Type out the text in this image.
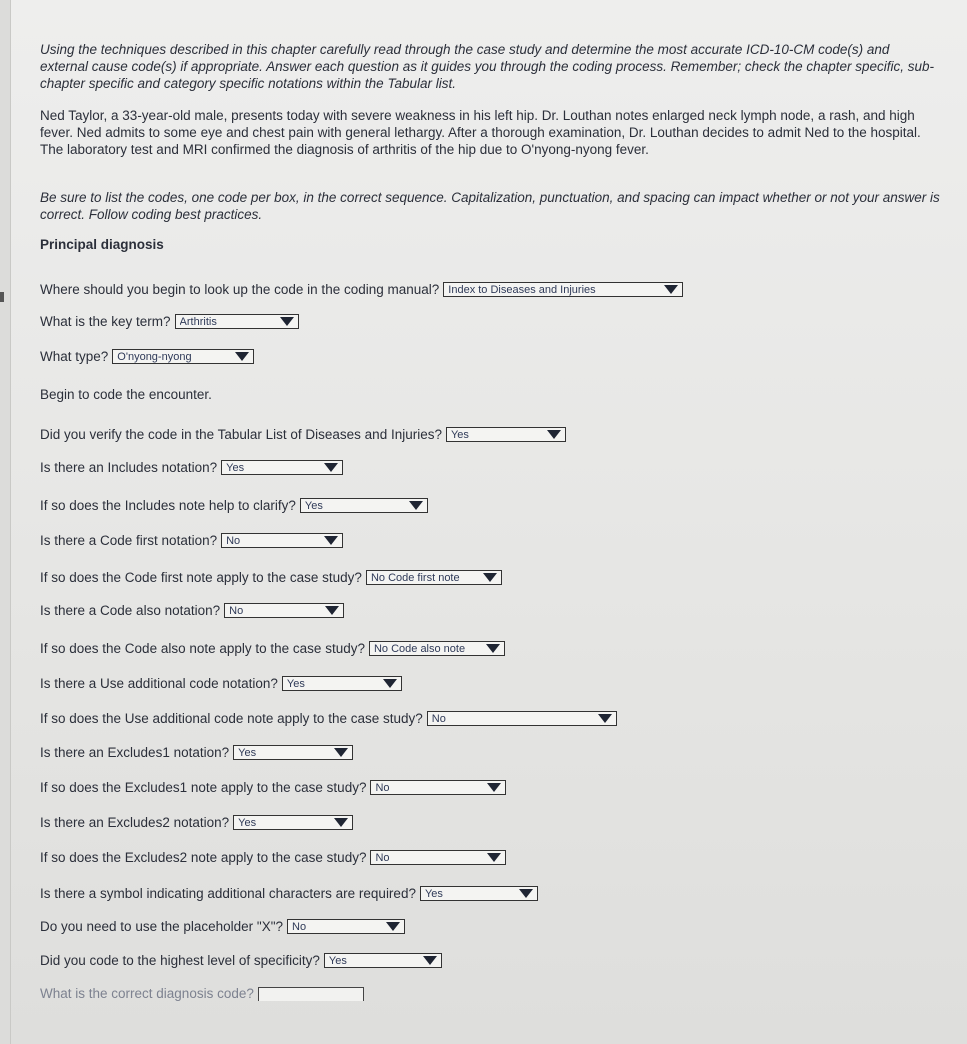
Using the techniques described in this chapter carefully read through the case study and determine the most accurate ICD-10-CM code(s) and external cause code(s) if appropriate. Answer each question as it guides you through the coding process. Remember; check the chapter specific, sub-chapter specific and category specific notations within the Tabular list.

Ned Taylor, a 33-year-old male, presents today with severe weakness in his left hip. Dr. Louthan notes enlarged neck lymph node, a rash, and high fever. Ned admits to some eye and chest pain with general lethargy. After a thorough examination, Dr. Louthan decides to admit Ned to the hospital. The laboratory test and MRI confirmed the diagnosis of arthritis of the hip due to O'nyong-nyong fever.

Be sure to list the codes, one code per box, in the correct sequence. Capitalization, punctuation, and spacing can impact whether or not your answer is correct. Follow coding best practices.

Principal diagnosis
Where should you begin to look up the code in the coding manual? Index to Diseases and Injuries
What is the key term? Arthritis
What type? O'nyong-nyong
Begin to code the encounter.
Did you verify the code in the Tabular List of Diseases and Injuries? Yes
Is there an Includes notation? Yes
If so does the Includes note help to clarify? Yes
Is there a Code first notation? No
If so does the Code first note apply to the case study? No Code first note
Is there a Code also notation? No
If so does the Code also note apply to the case study? No Code also note
Is there a Use additional code notation? Yes
If so does the Use additional code note apply to the case study? No
Is there an Excludes1 notation? Yes
If so does the Excludes1 note apply to the case study? No
Is there an Excludes2 notation? Yes
If so does the Excludes2 note apply to the case study? No
Is there a symbol indicating additional characters are required? Yes
Do you need to use the placeholder "X"? No
Did you code to the highest level of specificity? Yes
What is the correct diagnosis code?
